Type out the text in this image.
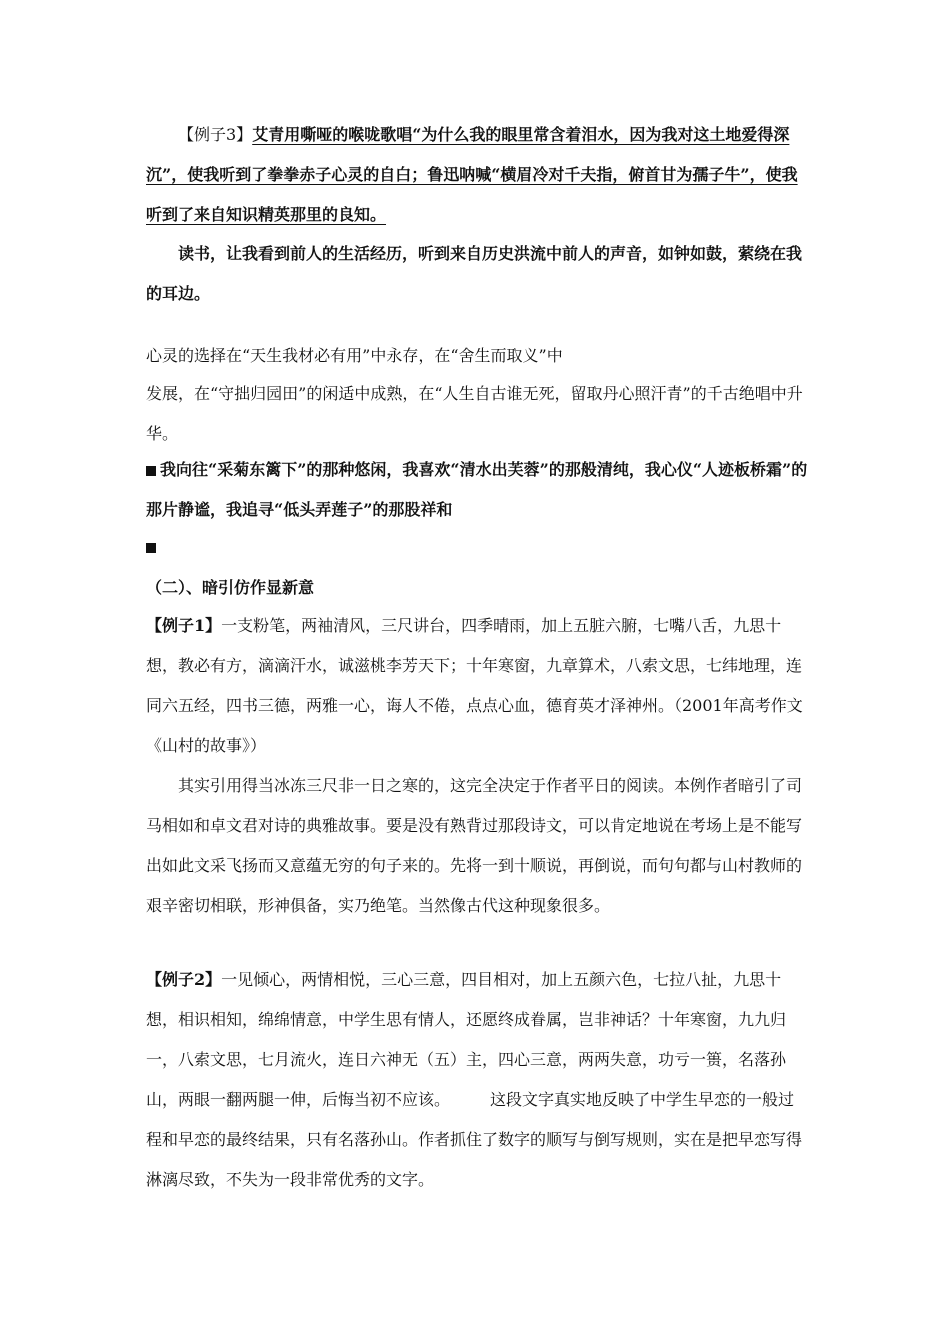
【例子3】艾青用嘶哑的喉咙歌唱“为什么我的眼里常含着泪水，因为我对这土地爱得深沉”，使我听到了拳拳赤子心灵的自白；鲁迅呐喊“横眉冷对千夫指，俯首甘为孺子牛”，使我听到了来自知识精英那里的良知。

读书，让我看到前人的生活经历，听到来自历史洪流中前人的声音，如钟如鼓，萦绕在我的耳边。

心灵的选择在“天生我材必有用”中永存，在“舍生而取义”中

发展，在“守拙归园田”的闲适中成熟，在“人生自古谁无死，留取丹心照汗青”的千古绝唱中升华。

我向往“采菊东篱下”的那种悠闲，我喜欢“清水出芙蓉”的那般清纯，我心仪“人迹板桥霜”的那片静谧，我追寻“低头弄莲子”的那股祥和

（二）、暗引仿作显新意

【例子1】一支粉笔，两袖清风，三尺讲台，四季晴雨，加上五脏六腑，七嘴八舌，九思十想，教必有方，滴滴汗水，诚滋桃李芳天下；十年寒窗，九章算术，八索文思，七纬地理，连同六五经，四书三德，两雅一心，诲人不倦，点点心血，德育英才泽神州。（2001年高考作文《山村的故事》）

其实引用得当冰冻三尺非一日之寒的，这完全决定于作者平日的阅读。本例作者暗引了司马相如和卓文君对诗的典雅故事。要是没有熟背过那段诗文，可以肯定地说在考场上是不能写出如此文采飞扬而又意蕴无穷的句子来的。先将一到十顺说，再倒说，而句句都与山村教师的艰辛密切相联，形神俱备，实乃绝笔。当然像古代这种现象很多。

【例子2】一见倾心，两情相悦，三心三意，四目相对，加上五颜六色，七拉八扯，九思十想，相识相知，绵绵情意，中学生思有情人，还愿终成眷属，岂非神话？十年寒窗，九九归一，八索文思，七月流火，连日六神无（五）主，四心三意，两两失意，功亏一篑，名落孙山，两眼一翻两腿一伸，后悔当初不应该。　　　	这段文字真实地反映了中学生早恋的一般过程和早恋的最终结果，只有名落孙山。作者抓住了数字的顺写与倒写规则，实在是把早恋写得淋漓尽致，不失为一段非常优秀的文字。
